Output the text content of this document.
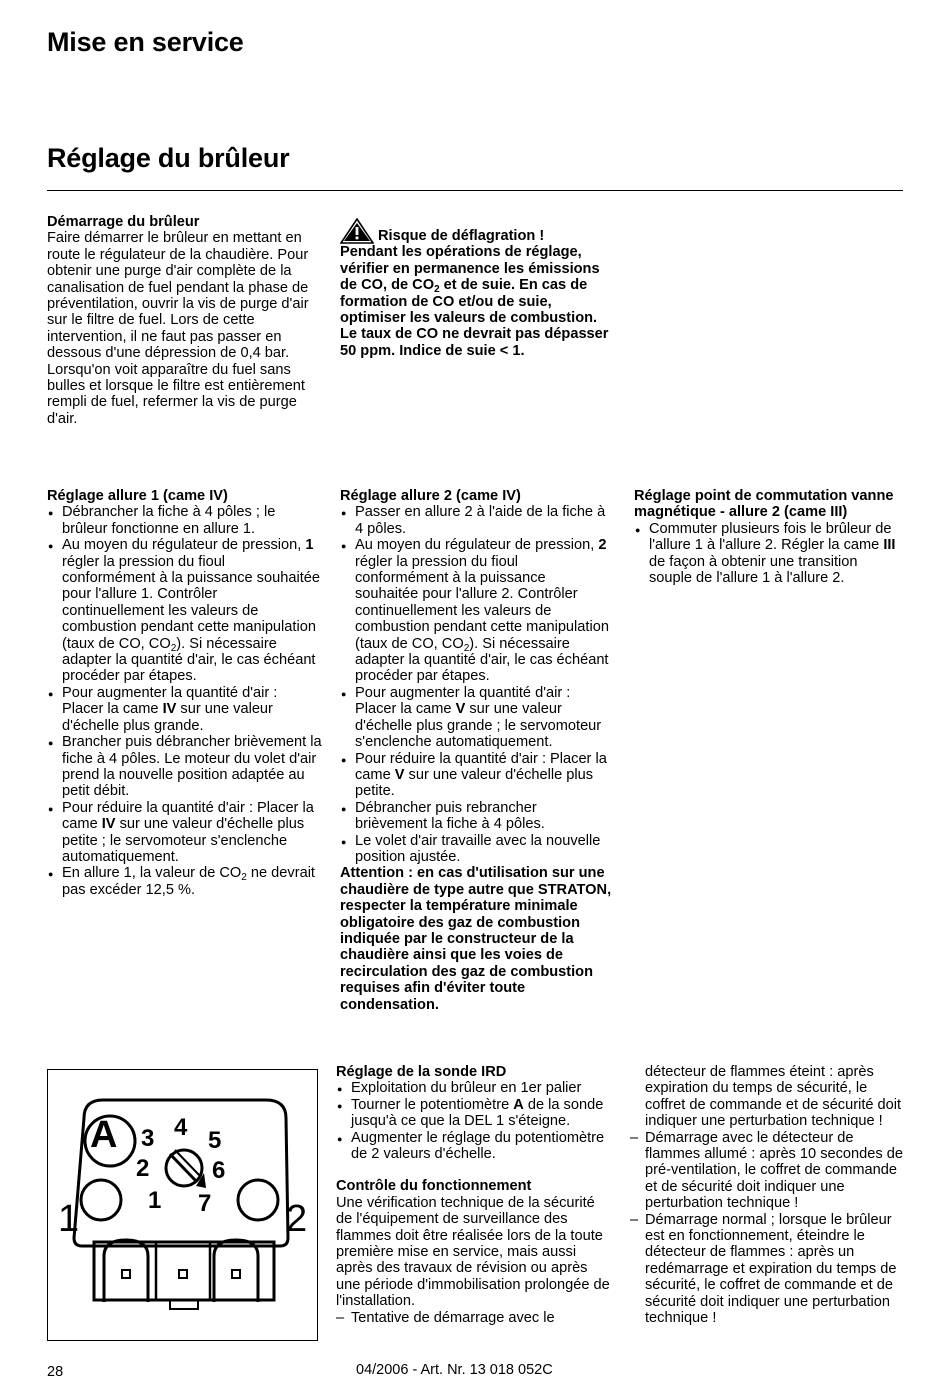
Mise en service
Réglage du brûleur
Démarrage du brûleur

Faire démarrer le brûleur en mettant en route le régulateur de la chaudière. Pour obtenir une purge d'air complète de la canalisation de fuel pendant la phase de préventilation, ouvrir la vis de purge d'air sur le filtre de fuel. Lors de cette intervention, il ne faut pas passer en dessous d'une dépression de 0,4 bar. Lorsqu'on voit apparaître du fuel sans bulles et lorsque le filtre est entièrement rempli de fuel, refermer la vis de purge d'air.

Risque de déflagration !
Pendant les opérations de réglage, vérifier en permanence les émissions de CO, de $CO_2$ et de suie. En cas de formation de CO et/ou de suie, optimiser les valeurs de combustion. Le taux de CO ne devrait pas dépasser 50 ppm. Indice de suie < 1.
Réglage allure 1 (came IV)
● Débrancher la fiche à 4 pôles ; le brûleur fonctionne en allure 1.
● Au moyen du régulateur de pression, 1 régler la pression du fioul conformément à la puissance souhaitée pour l'allure 1. Contrôler continuellement les valeurs de combustion pendant cette manipulation (taux de CO, $CO_2$). Si nécessaire adapter la quantité d'air, le cas échéant procéder par étapes.
● Pour augmenter la quantité d'air : Placer la came IV sur une valeur d'échelle plus grande.
● Brancher puis débrancher brièvement la fiche à 4 pôles. Le moteur du volet d'air prend la nouvelle position adaptée au petit débit.
● Pour réduire la quantité d'air : Placer la came IV sur une valeur d'échelle plus petite ; le servomoteur s'enclenche automatiquement.
● En allure 1, la valeur de $CO_2$ ne devrait pas excéder 12,5 %.
Réglage allure 2 (came IV)
● Passer en allure 2 à l'aide de la fiche à 4 pôles.
● Au moyen du régulateur de pression, 2 régler la pression du fioul conformément à la puissance souhaitée pour l'allure 2. Contrôler continuellement les valeurs de combustion pendant cette manipulation (taux de CO, $CO_2$). Si nécessaire adapter la quantité d'air, le cas échéant procéder par étapes.
● Pour augmenter la quantité d'air : Placer la came V sur une valeur d'échelle plus grande ; le servomoteur s'enclenche automatiquement.
● Pour réduire la quantité d'air : Placer la came V sur une valeur d'échelle plus petite.
● Débrancher puis rebrancher brièvement la fiche à 4 pôles.
● Le volet d'air travaille avec la nouvelle position ajustée.
Attention : en cas d'utilisation sur une chaudière de type autre que STRATON, respecter la température minimale obligatoire des gaz de combustion indiquée par le constructeur de la chaudière ainsi que les voies de recirculation des gaz de combustion requises afin d'éviter toute condensation.
Réglage point de commutation vanne magnétique - allure 2 (came III)
● Commuter plusieurs fois le brûleur de l'allure 1 à l'allure 2. Régler la came III de façon à obtenir une transition souple de l'allure 1 à l'allure 2.
A 3 4 5
2	6
1 7
1	2
Réglage de la sonde IRD
● Exploitation du brûleur en 1er palier
● Tourner le potentiomètre A de la sonde jusqu'à ce que la DEL 1 s'éteigne.
● Augmenter le réglage du potentiomètre de 2 valeurs d'échelle.
Contrôle du fonctionnement

Une vérification technique de la sécurité de l'équipement de surveillance des flammes doit être réalisée lors de la toute première mise en service, mais aussi après des travaux de révision ou après une période d'immobilisation prolongée de l'installation.

– Tentative de démarrage avec le
détecteur de flammes éteint : après expiration du temps de sécurité, le coffret de commande et de sécurité doit indiquer une perturbation technique !
– Démarrage avec le détecteur de flammes allumé : après 10 secondes de pré-ventilation, le coffret de commande et de sécurité doit indiquer une perturbation technique !
– Démarrage normal ; lorsque le brûleur est en fonctionnement, éteindre le détecteur de flammes : après un redémarrage et expiration du temps de sécurité, le coffret de commande et de sécurité doit indiquer une perturbation technique !
28	04/2006 - Art. Nr. 13 018 052C
